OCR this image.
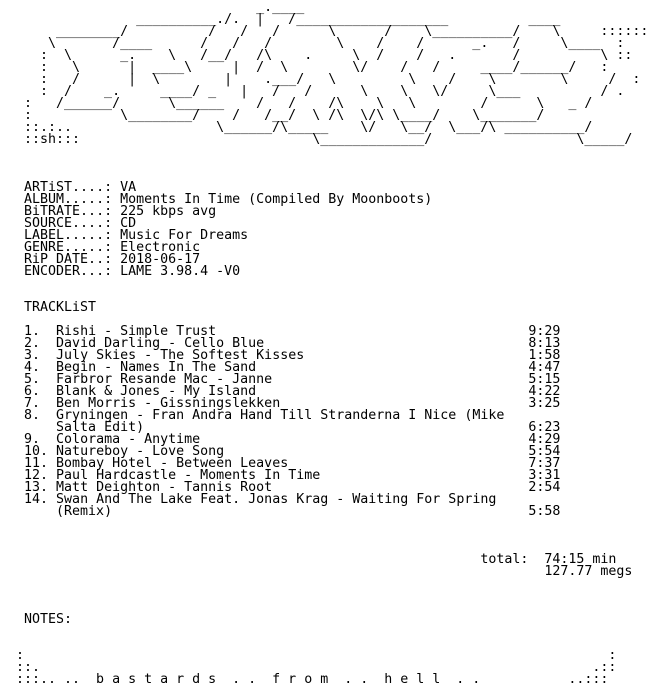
_.____
__________./.  |   /___________________          ____
________/          /   /   /      \      /    \__________/    \     ::::::
\       /____      /   /   /        \    /    /      _.   /     \____  :
:  \      _.    \   /__/   /\    .     \  /    /   .       /          \ ::
:   \      |  ____\     |  /  \        \/    /   /     ____/______/   :
:   /      |  \        |    .___/   \         \    /    \        \     /  :
:  /    _.     ____/ _   |   /   /      \    \   \/     \___          / .
:   /______/      \______    /   /    /\    \   \        /      \   _ /
:           \________/    /   /__/  \ /\  \/\ \____/    \_______/
::.:..                  \______/\_____    \/   \__/  \___/\ __________/
::sh:::                             \_____________/                  \_____/

ARTiST....: VA
ALBUM.....: Moments In Time (Compiled By Moonboots)
BiTRATE...: 225 kbps avg
SOURCE....: CD
LABEL.....: Music For Dreams
GENRE.....: Electronic
RiP DATE..: 2018-06-17
ENCODER...: LAME 3.98.4 -V0

TRACKLiST

1.  Rishi - Simple Trust                                       9:29
2.  David Darling - Cello Blue                                 8:13
3.  July Skies - The Softest Kisses                            1:58
4.  Begin - Names In The Sand                                  4:47
5.  Farbror Resande Mac - Janne                                5:15
6.  Blank & Jones - My Island                                  4:22
7.  Ben Morris - Gissningslekken                               3:25
8.  Gryningen - Fran Andra Hand Till Stranderna I Nice (Mike
Salta Edit)                                                6:23
9.  Colorama - Anytime                                         4:29
10. Natureboy - Love Song                                      5:54
11. Bombay Hotel - Between Leaves                              7:37
12. Paul Hardcastle - Moments In Time                          3:31
13. Matt Deighton - Tannis Root                                2:54
14. Swan And The Lake Feat. Jonas Krag - Waiting For Spring
(Remix)                                                    5:58

total: 74:15 min
127.77 megs

NOTES:

:                                                                         :
::.                                                                     .::
:::.. ..  b a s t a r d s  . .  f r o m  . .  h e l l  . .           ..:::
